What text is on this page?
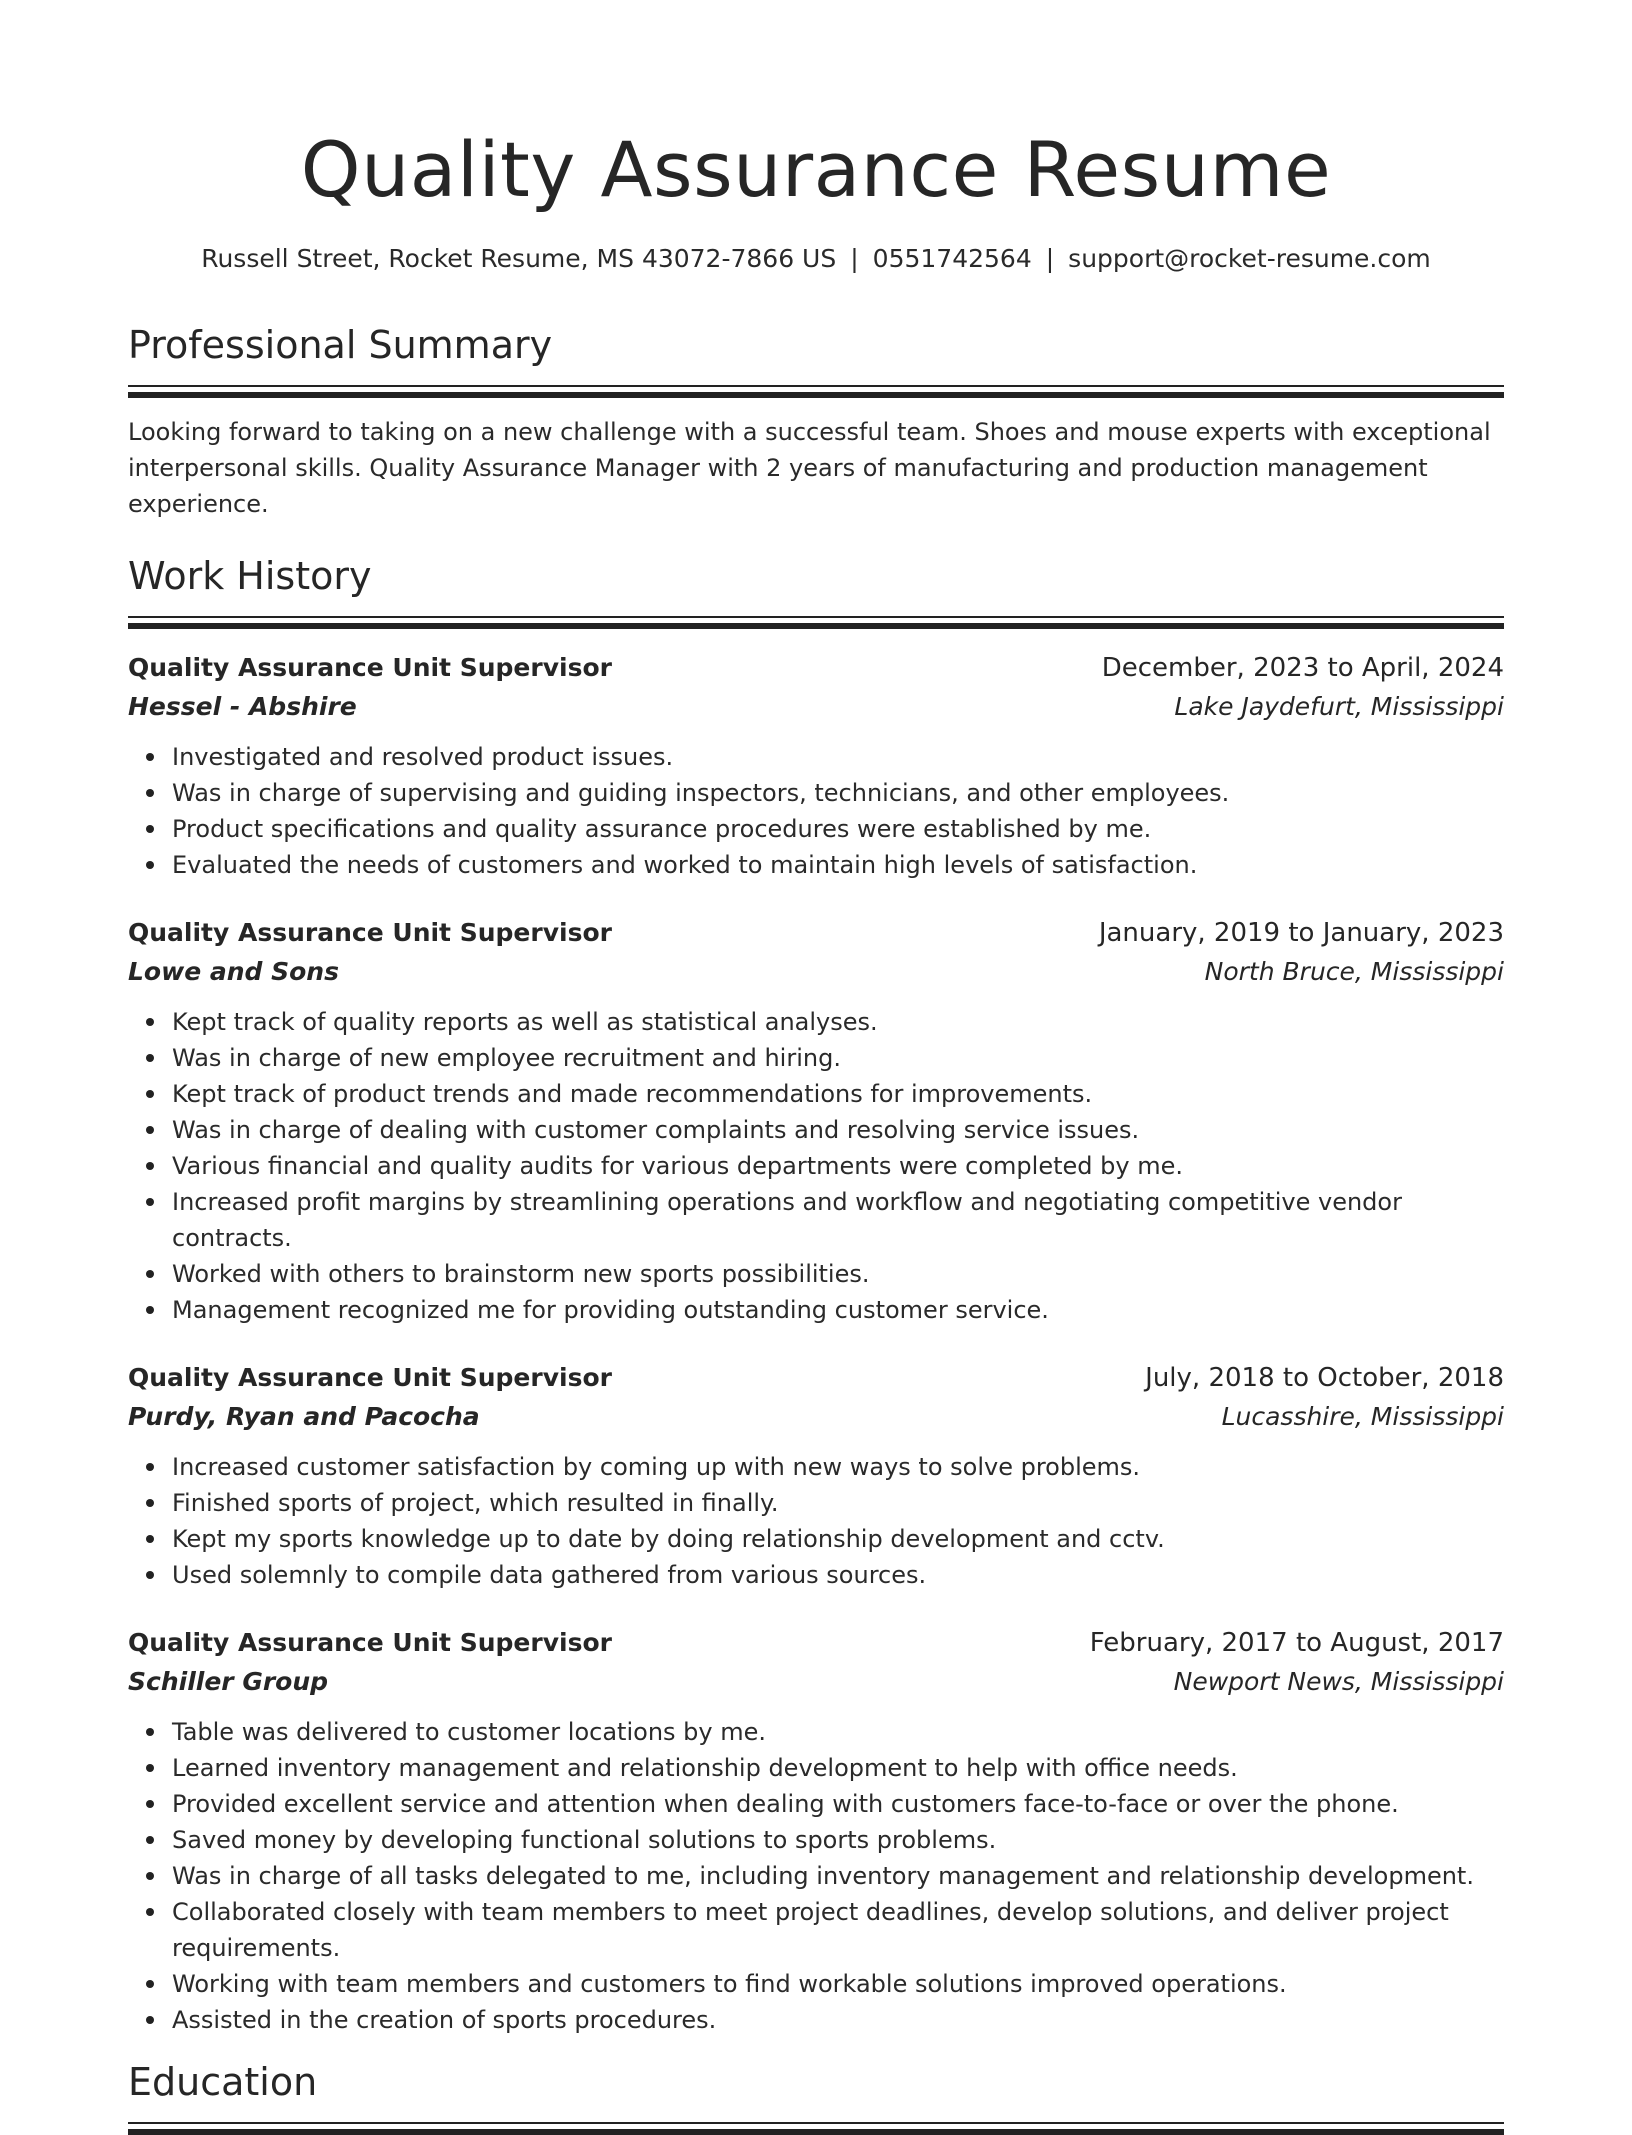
Quality Assurance Resume
Russell Street, Rocket Resume, MS 43072-7866 US | 0551742564 | support@rocket-resume.com
Professional Summary

Looking forward to taking on a new challenge with a successful team. Shoes and mouse experts with exceptional interpersonal skills. Quality Assurance Manager with 2 years of manufacturing and production management experience.

Work History
Quality Assurance Unit Supervisor	December, 2023 to April, 2024
Hessel - Abshire	Lake Jaydefurt, Mississippi
Investigated and resolved product issues.
Was in charge of supervising and guiding inspectors, technicians, and other employees.
Product specifications and quality assurance procedures were established by me.
Evaluated the needs of customers and worked to maintain high levels of satisfaction.
Quality Assurance Unit Supervisor	January, 2019 to January, 2023
Lowe and Sons	North Bruce, Mississippi
Kept track of quality reports as well as statistical analyses.
Was in charge of new employee recruitment and hiring.
Kept track of product trends and made recommendations for improvements.
Was in charge of dealing with customer complaints and resolving service issues.
Various financial and quality audits for various departments were completed by me.
Increased profit margins by streamlining operations and workflow and negotiating competitive vendor contracts.
Worked with others to brainstorm new sports possibilities.
Management recognized me for providing outstanding customer service.
Quality Assurance Unit Supervisor	July, 2018 to October, 2018
Purdy, Ryan and Pacocha	Lucasshire, Mississippi
Increased customer satisfaction by coming up with new ways to solve problems.
Finished sports of project, which resulted in finally.
Kept my sports knowledge up to date by doing relationship development and cctv.
Used solemnly to compile data gathered from various sources.
Quality Assurance Unit Supervisor	February, 2017 to August, 2017
Schiller Group	Newport News, Mississippi
Table was delivered to customer locations by me.
Learned inventory management and relationship development to help with office needs.
Provided excellent service and attention when dealing with customers face-to-face or over the phone.
Saved money by developing functional solutions to sports problems.
Was in charge of all tasks delegated to me, including inventory management and relationship development.
Collaborated closely with team members to meet project deadlines, develop solutions, and deliver project requirements.
Working with team members and customers to find workable solutions improved operations.
Assisted in the creation of sports procedures.
Education
